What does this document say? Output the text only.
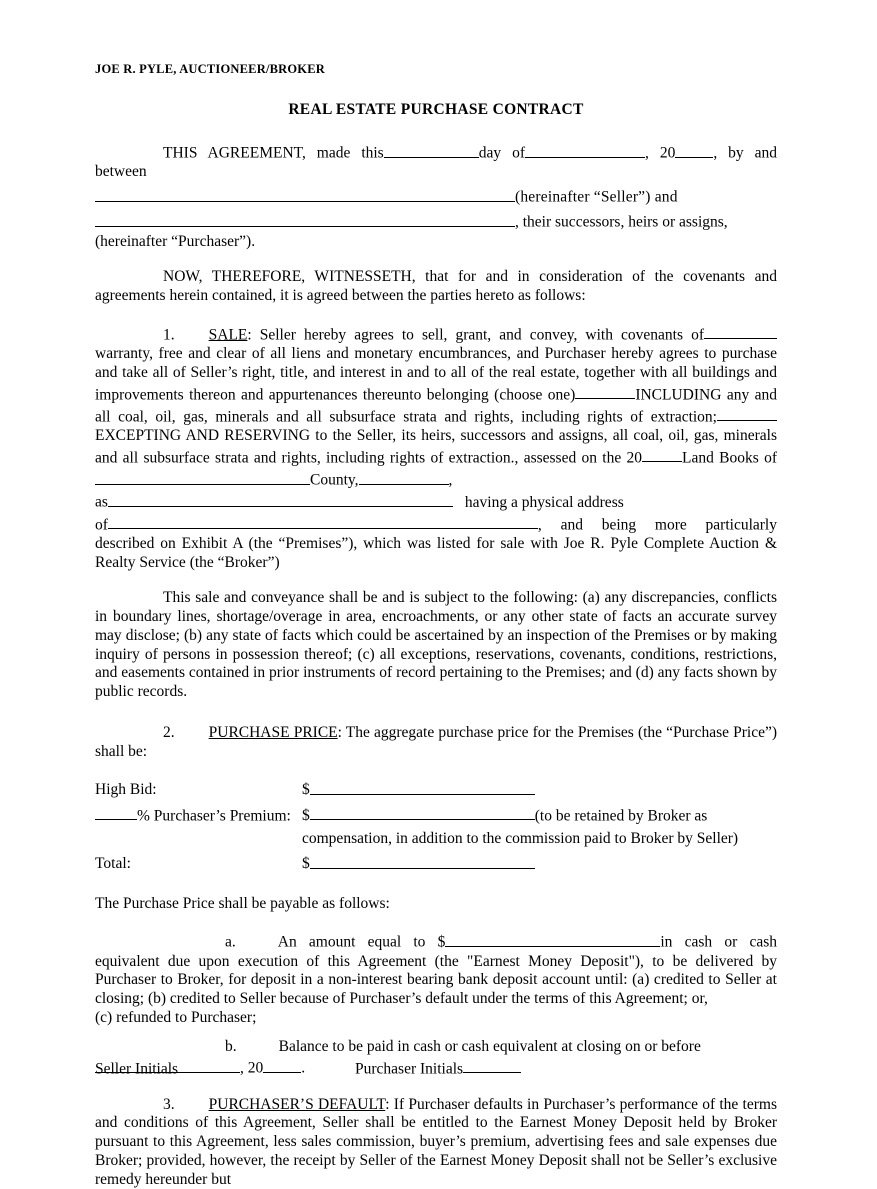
JOE R. PYLE, AUCTIONEER/BROKER
REAL ESTATE PURCHASE CONTRACT

THIS AGREEMENT, made this	day of	, 20 , by and between

(hereinafter “Seller”) and

, their successors, heirs or assigns,

(hereinafter “Purchaser”).

NOW, THEREFORE, WITNESSETH, that for and in consideration of the covenants and agreements herein contained, it is agreed between the parties hereto as follows:

1. SALE: Seller hereby agrees to sell, grant, and convey, with covenants ofwarranty, free and clear of all liens and monetary encumbrances, and Purchaser hereby agrees to purchase and take all of Seller’s right, title, and interest in and to all of the real estate, together with all buildings and improvements thereon and appurtenances thereunto belonging (choose one)	INCLUDING any and all coal, oil, gas, minerals and all subsurface strata and rights, including rights of extraction;EXCEPTING AND RESERVING to the Seller, its heirs, successors and assigns, all coal, oil, gas, minerals and all subsurface strata and rights, including rights of extraction., assessed on the 20	Land Books ofCounty,	,

as	having a physical address

of	, and being more particularly described on Exhibit A (the “Premises”), which was listed for sale with Joe R. Pyle Complete Auction & Realty Service (the “Broker”)

This sale and conveyance shall be and is subject to the following: (a) any discrepancies, conflicts in boundary lines, shortage/overage in area, encroachments, or any other state of facts an accurate survey may disclose; (b) any state of facts which could be ascertained by an inspection of the Premises or by making inquiry of persons in possession thereof; (c) all exceptions, reservations, covenants, conditions, restrictions, and easements contained in prior instruments of record pertaining to the Premises; and (d) any facts shown by public records.

2. PURCHASE PRICE: The aggregate purchase price for the Premises (the “Purchase Price”) shall be:

High Bid:	$
% Purchaser’s Premium: $	(to be retained by Broker as
compensation, in addition to the commission paid to Broker by Seller)
Total:	$

The Purchase Price shall be payable as follows:

a.	An amount equal to $	in cash or cash equivalent due upon execution of this Agreement (the "Earnest Money Deposit"), to be delivered by Purchaser to Broker, for deposit in a non-interest bearing bank deposit account until: (a) credited to Seller at closing; (b) credited to Seller because of Purchaser’s default under the terms of this Agreement; or,

(c) refunded to Purchaser;

b.	Balance to be paid in cash or cash equivalent at closing on or before

, 20 .

3. PURCHASER’S DEFAULT: If Purchaser defaults in Purchaser’s performance of the terms and conditions of this Agreement, Seller shall be entitled to the Earnest Money Deposit held by Broker pursuant to this Agreement, less sales commission, buyer’s premium, advertising fees and sale expenses due Broker; provided, however, the receipt by Seller of the Earnest Money Deposit shall not be Seller’s exclusive remedy hereunder but

Seller Initials	Purchaser Initials
